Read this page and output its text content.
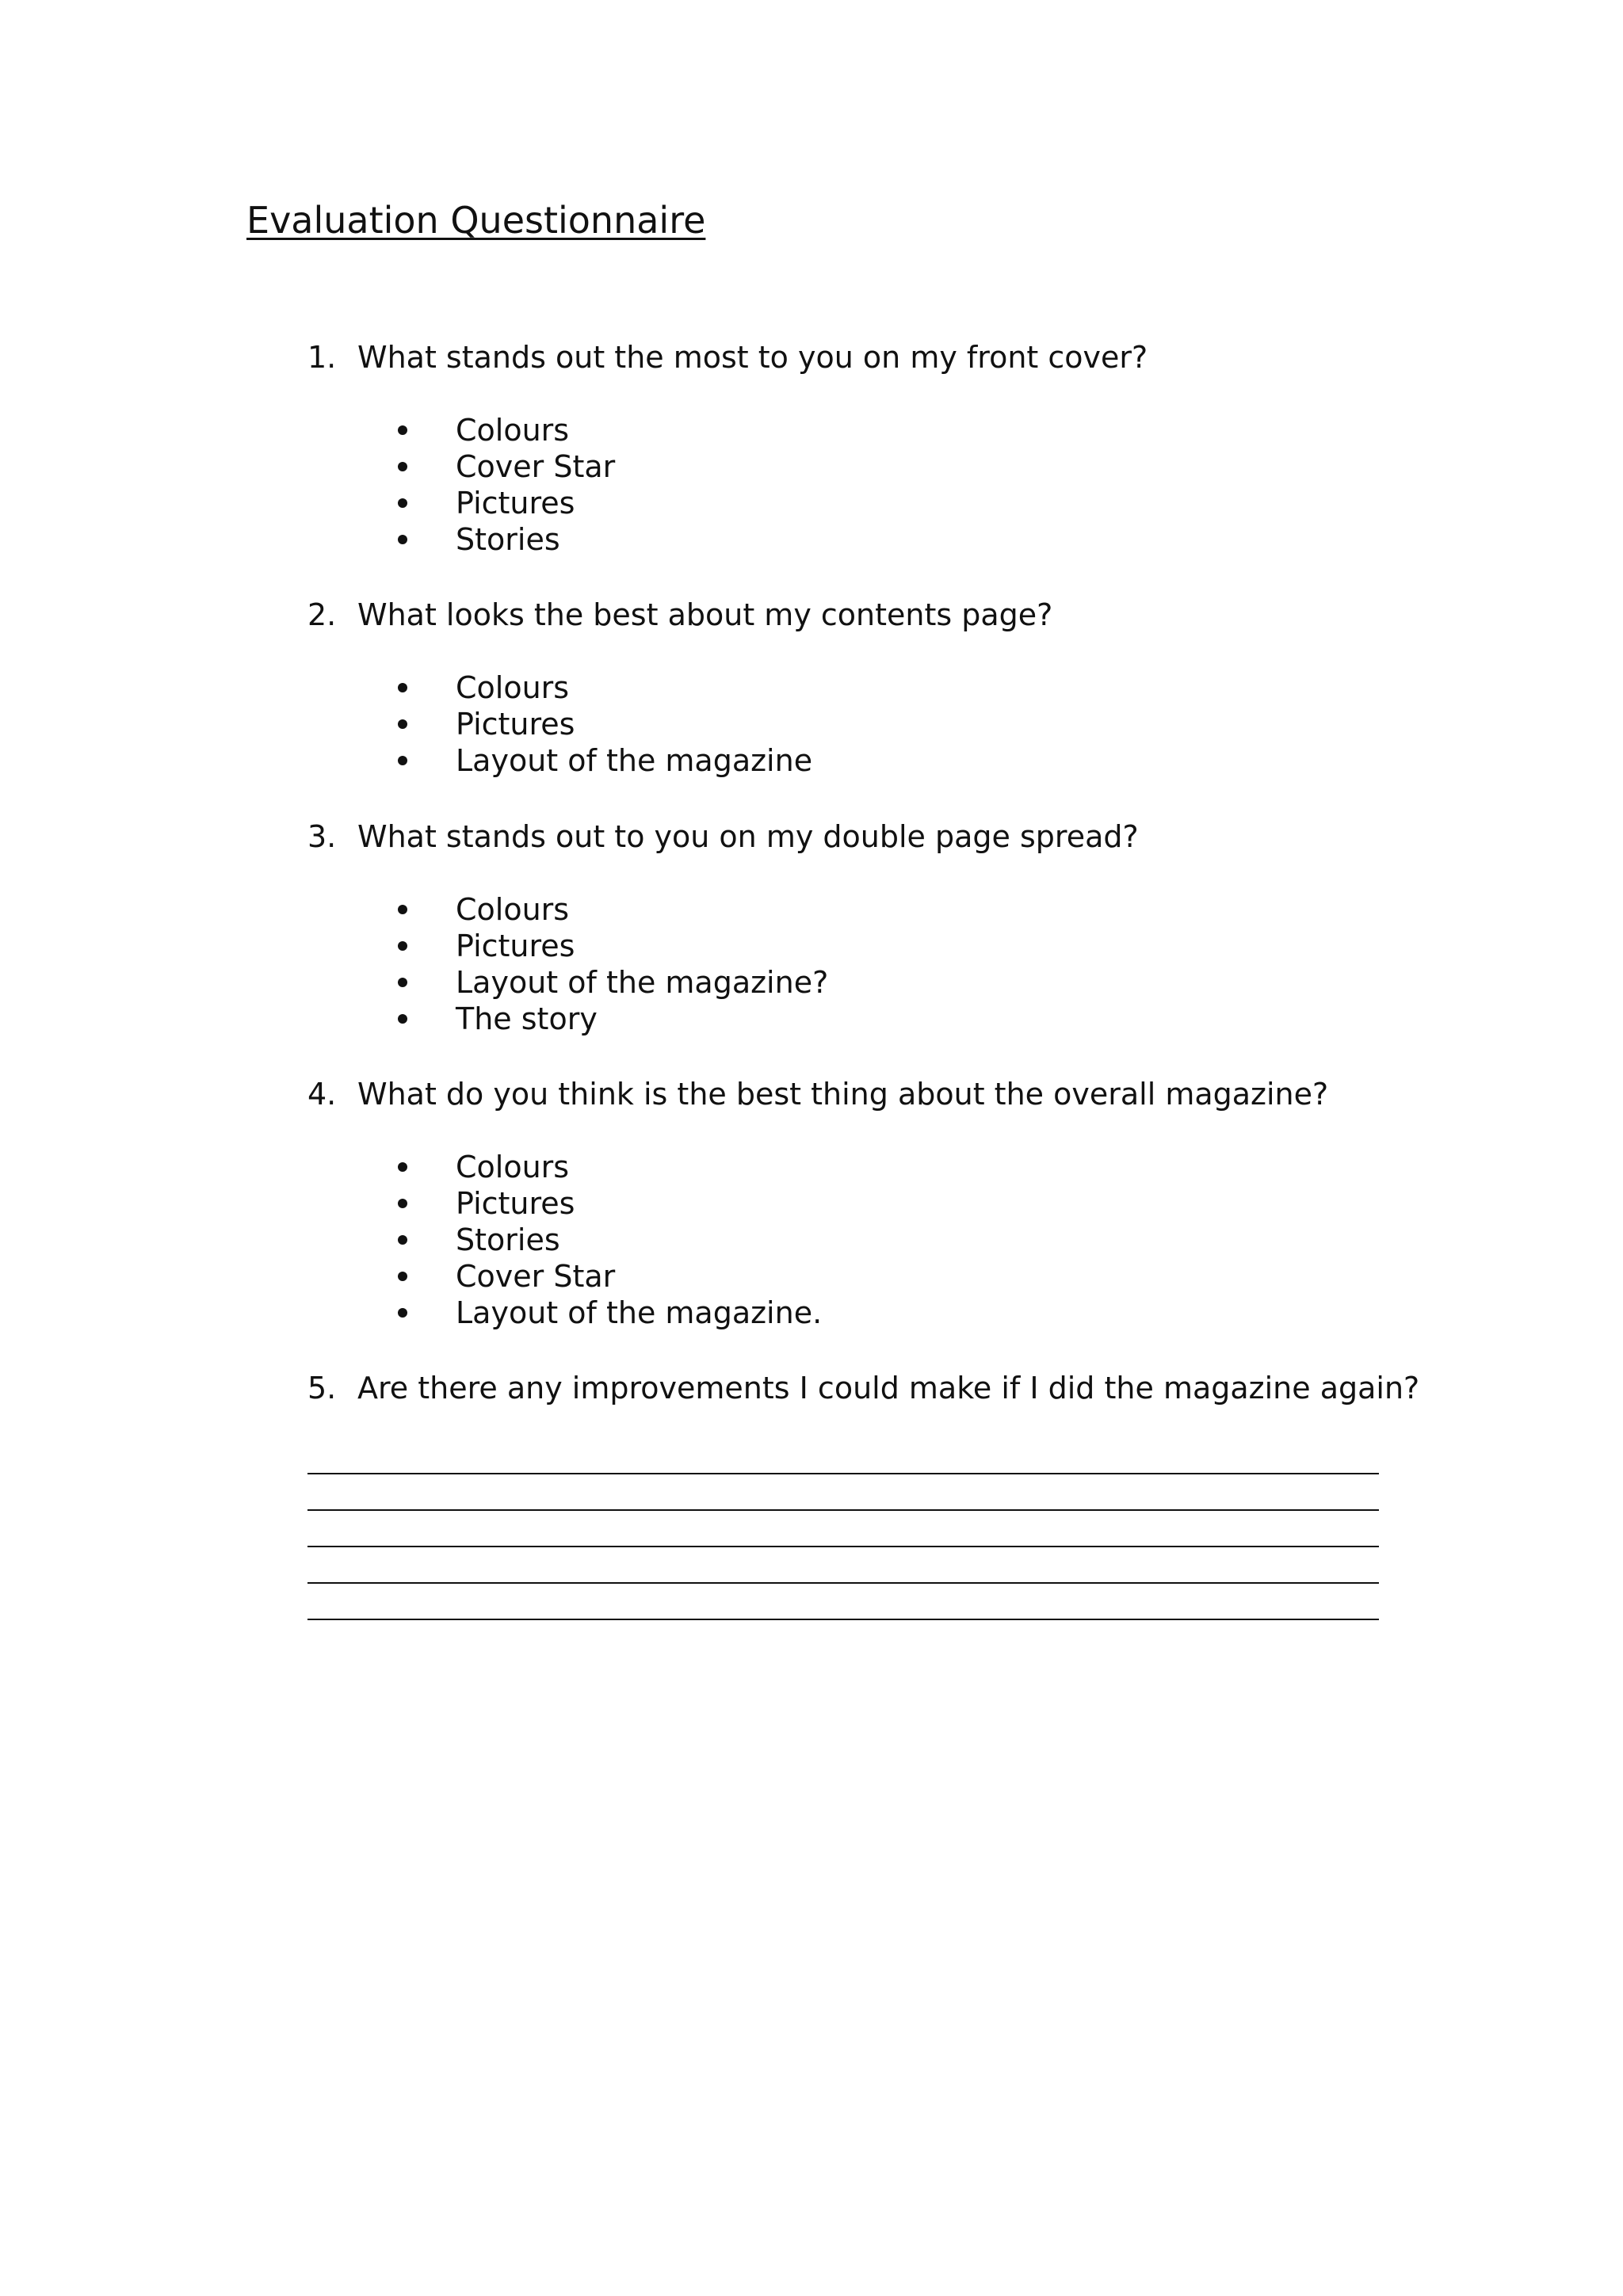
Evaluation Questionnaire
1. What stands out the most to you on my front cover?
Colours
Cover Star
Pictures
Stories
2. What looks the best about my contents page?
Colours
Pictures
Layout of the magazine
3. What stands out to you on my double page spread?
Colours
Pictures
Layout of the magazine?
The story
4. What do you think is the best thing about the overall magazine?
Colours
Pictures
Stories
Cover Star
Layout of the magazine.
5. Are there any improvements I could make if I did the magazine again?
